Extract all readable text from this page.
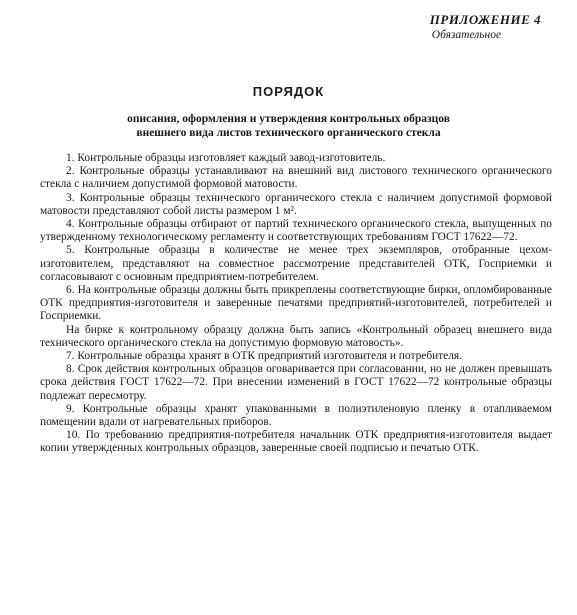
ПРИЛОЖЕНИЕ 4
Обязательное
ПОРЯДОК
описания, оформления и утверждения контрольных образцов
внешнего вида листов технического органического стекла

1. Контрольные образцы изготовляет каждый завод-изготовитель.

2. Контрольные образцы устанавливают на внешний вид листового технического органического стекла с наличием допустимой формовой матовости.

3. Контрольные образцы технического органического стекла с наличием допустимой формовой матовости представляют собой листы размером 1 м².

4. Контрольные образцы отбирают от партий технического органического стекла, выпущенных по утвержденному технологическому регламенту и соответствующих требованиям ГОСТ 17622—72.

5. Контрольные образцы в количестве не менее трех экземпляров, отобранные цехом-изготовителем, представляют на совместное рассмотрение представителей ОТК, Госприемки и согласовывают с основным предприятием-потребителем.

6. На контрольные образцы должны быть прикреплены соответствующие бирки, опломбированные ОТК предприятия-изготовителя и заверенные печатями предприятий-изготовителей, потребителей и Госприемки.

На бирке к контрольному образцу должна быть запись «Контрольный образец внешнего вида технического органического стекла на допустимую формовую матовость».

7. Контрольные образцы хранят в ОТК предприятий изготовителя и потребителя.

8. Срок действия контрольных образцов оговаривается при согласовании, но не должен превышать срока действия ГОСТ 17622—72. При внесении изменений в ГОСТ 17622—72 контрольные образцы подлежат пересмотру.

9. Контрольные образцы хранят упакованными в полиэтиленовую пленку в отапливаемом помещении вдали от нагревательных приборов.

10. По требованию предприятия-потребителя начальник ОТК предприятия-изготовителя выдает копии утвержденных контрольных образцов, заверенные своей подписью и печатью ОТК.
